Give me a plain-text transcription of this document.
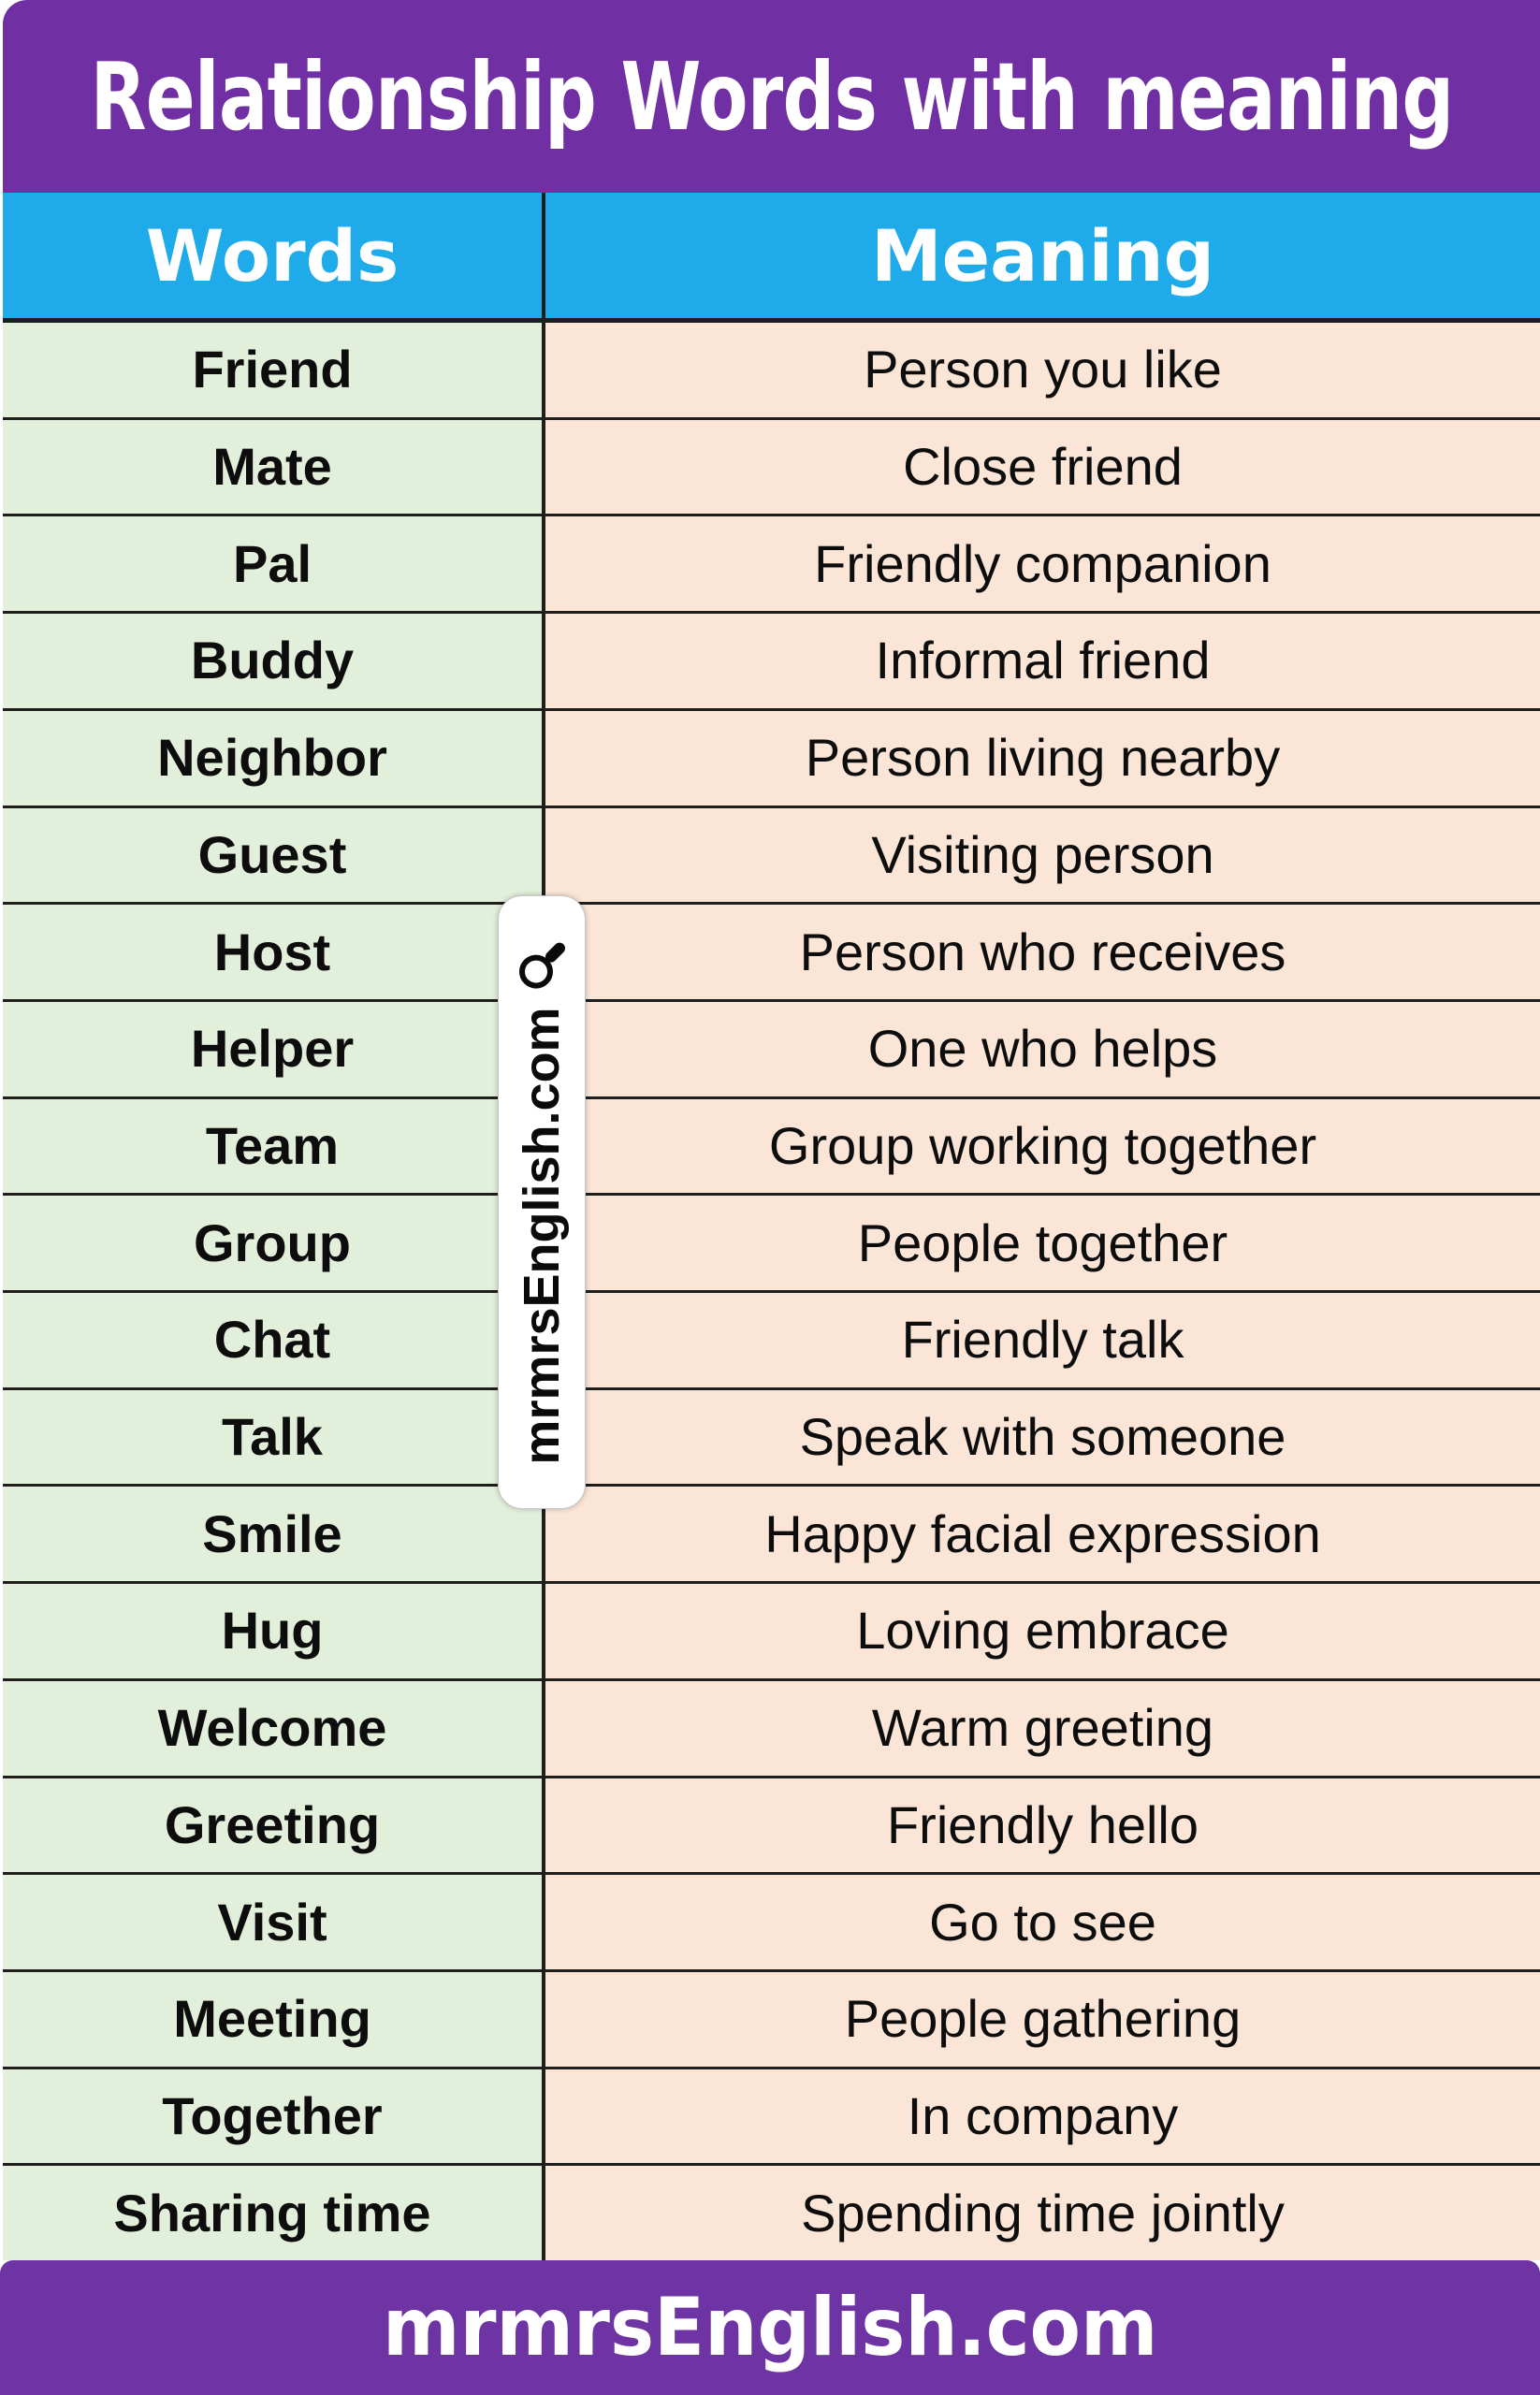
Relationship Words with meaning
Words	Meaning
Friend	Person you like
Mate	Close friend
Pal	Friendly companion
Buddy	Informal friend
Neighbor	Person living nearby
Guest	Visiting person
Host	Person who receives
Helper	One who helps
Team	Group working together
Group	People together
Chat	Friendly talk
Talk	Speak with someone
Smile	Happy facial expression
Hug	Loving embrace
Welcome	Warm greeting
Greeting	Friendly hello
Visit	Go to see
Meeting	People gathering
Together	In company
Sharing time	Spending time jointly
mrmrsEnglish.com
mrmrsEnglish.com
